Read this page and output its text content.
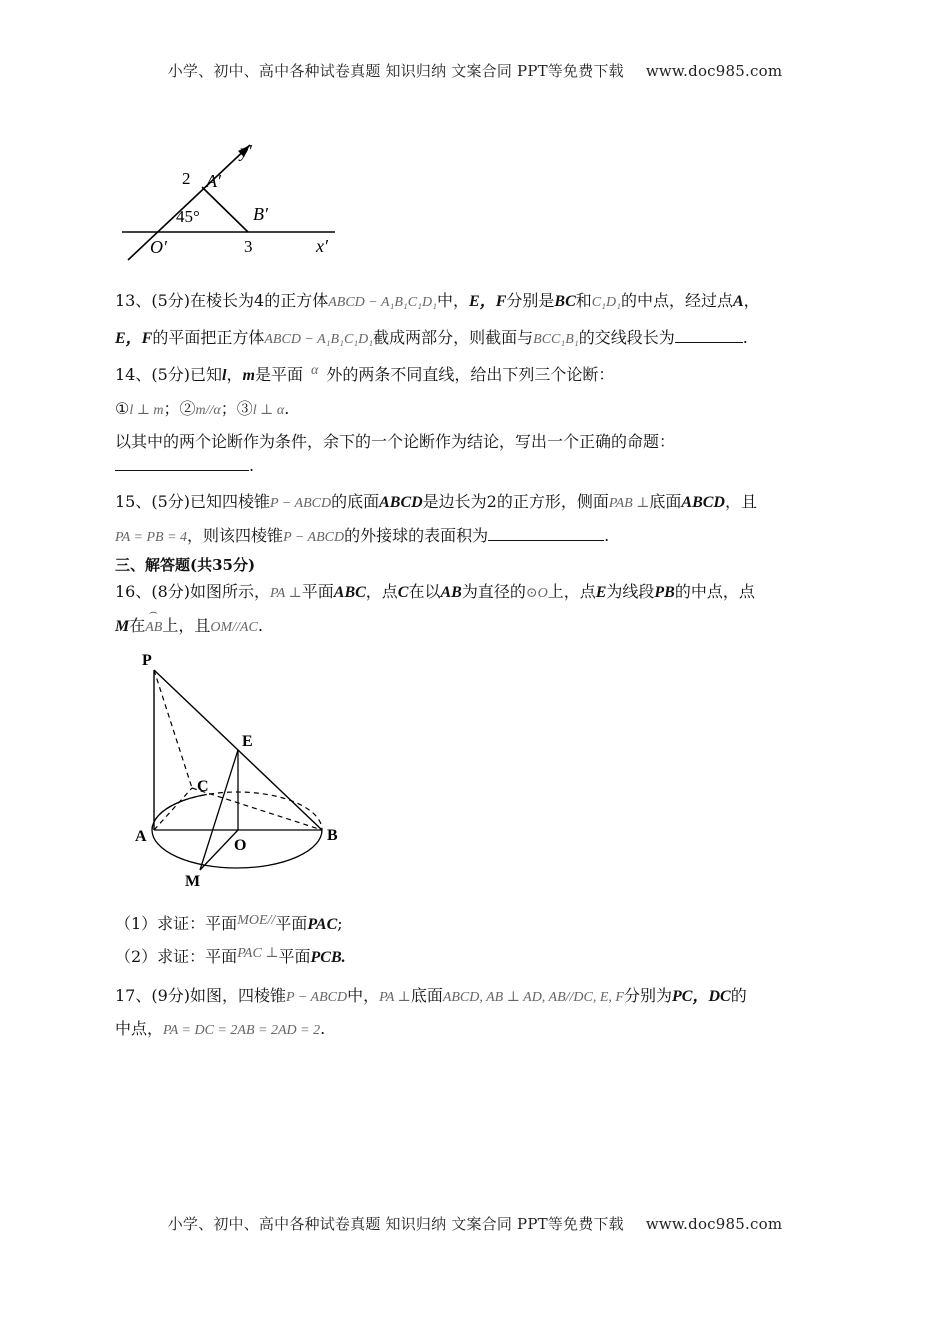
小学、初中、高中各种试卷真题 知识归纳 文案合同 PPT等免费下载 www.doc985.com
y′
A′
2
45°	B′
O′	3	x′
13、(5分)在棱长为4的正方体ABCD − A₁B₁C₁D₁中，E，F分别是BC和C₁D₁的中点，经过点A，
E，F的平面把正方体ABCD − A₁B₁C₁D₁截成两部分，则截面与BCC₁B₁的交线段长为	.
14、(5分)已知l，m是平面 α 外的两条不同直线，给出下列三个论断：
①l ⊥ m；②m//α；③l ⊥ α.
以其中的两个论断作为条件，余下的一个论断作为结论，写出一个正确的命题：
.
15、(5分)已知四棱锥P − ABCD的底面ABCD是边长为2的正方形，侧面PAB ⊥底面ABCD，且
PA = PB = 4，则该四棱锥P − ABCD的外接球的表面积为	.
三、解答题(共35分)
16、(8分)如图所示，PA ⊥平面ABC，点C在以AB为直径的⊙O上，点E为线段PB的中点，点
M在
⌢
AB上，且OM//AC.
P
E
C
A
O
B
M
（1）求证：平面MOE//平面PAC;
（2）求证：平面PAC ⊥平面PCB.
17、(9分)如图，四棱锥P − ABCD中，PA ⊥底面ABCD, AB ⊥ AD, AB//DC, E, F分别为PC，DC的
中点，PA = DC = 2AB = 2AD = 2.
小学、初中、高中各种试卷真题 知识归纳 文案合同 PPT等免费下载 www.doc985.com
